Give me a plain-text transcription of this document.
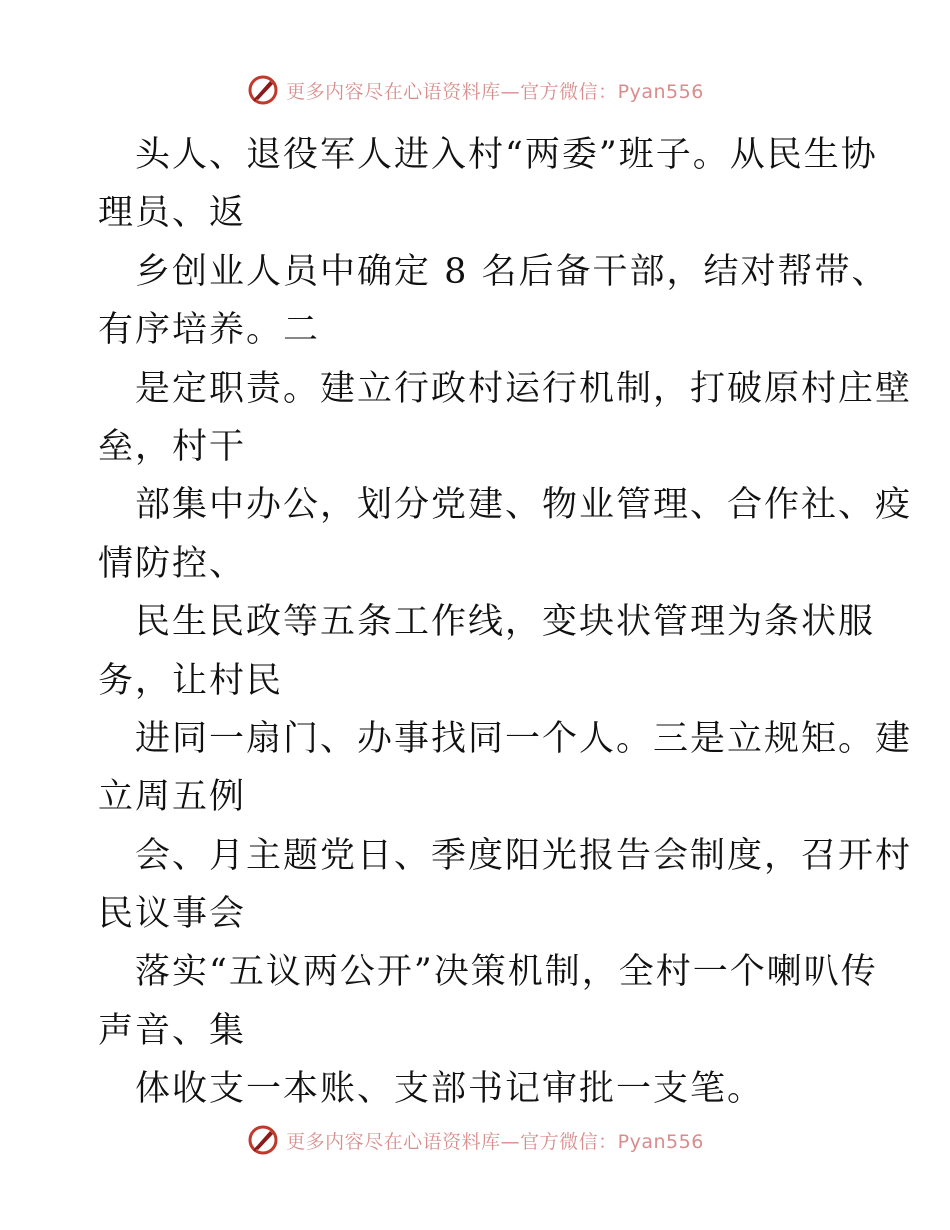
更多内容尽在心语资料库—官方微信：Pyan556
头人、退役军人进入村“两委”班子。从民生协
理员、返
乡创业人员中确定 8 名后备干部，结对帮带、
有序培养。二
是定职责。建立行政村运行机制，打破原村庄壁
垒，村干
部集中办公，划分党建、物业管理、合作社、疫
情防控、
民生民政等五条工作线，变块状管理为条状服
务，让村民
进同一扇门、办事找同一个人。三是立规矩。建
立周五例
会、月主题党日、季度阳光报告会制度，召开村
民议事会
落实“五议两公开”决策机制，全村一个喇叭传
声音、集
体收支一本账、支部书记审批一支笔。
更多内容尽在心语资料库—官方微信：Pyan556
